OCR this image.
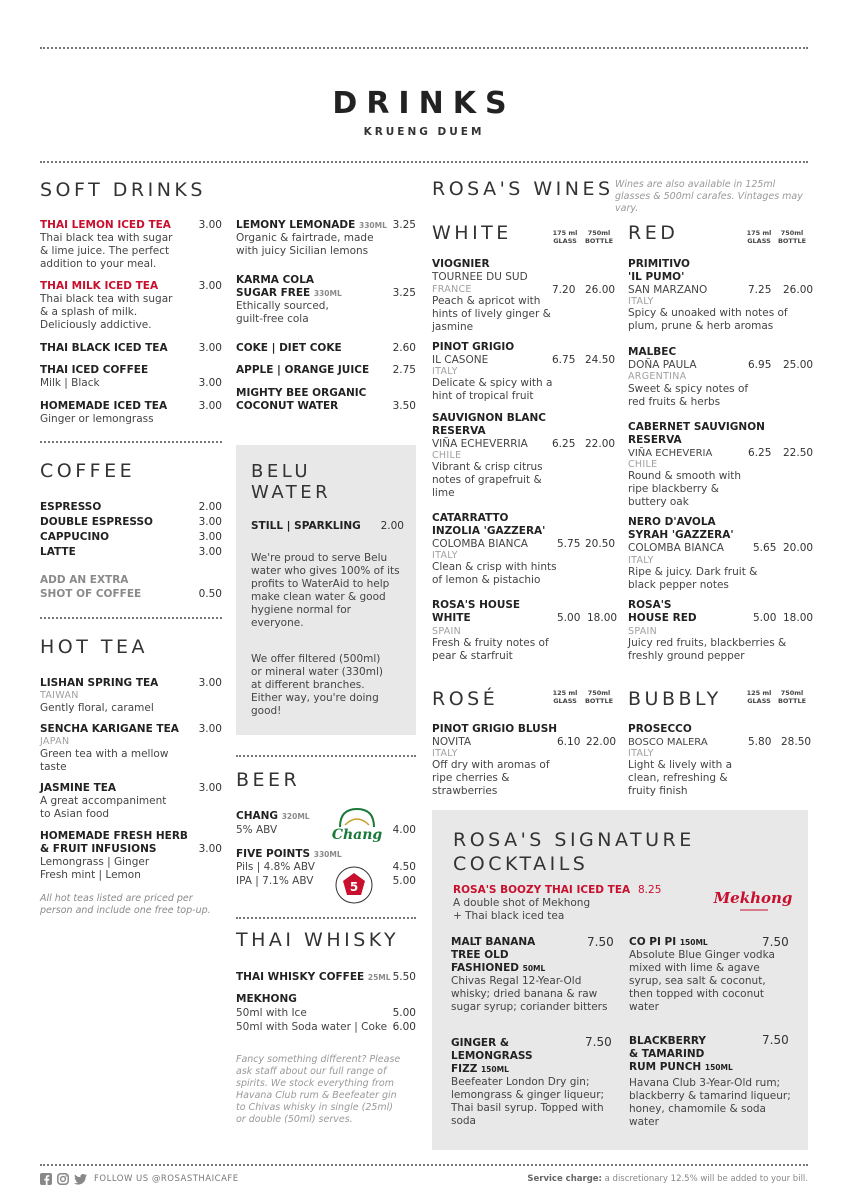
DRINKS
KRUENG DUEM
SOFT DRINKS
THAI LEMON ICED TEA	3.00
Thai black tea with sugar & lime juice. The perfect addition to your meal.
THAI MILK ICED TEA	3.00
Thai black tea with sugar & a splash of milk. Deliciously addictive.
THAI BLACK ICED TEA	3.00
THAI ICED COFFEE
Milk | Black	3.00
HOMEMADE ICED TEA	3.00
Ginger or lemongrass
LEMONY LEMONADE 330ML 3.25
Organic & fairtrade, made with juicy Sicilian lemons
KARMA COLA
SUGAR FREE 330ML	3.25
Ethically sourced, guilt-free cola
COKE | DIET COKE	2.60
APPLE | ORANGE JUICE	2.75
MIGHTY BEE ORGANIC
COCONUT WATER	3.50
COFFEE
ESPRESSO	2.00
DOUBLE ESPRESSO	3.00
CAPPUCINO	3.00
LATTE	3.00
ADD AN EXTRA
SHOT OF COFFEE	0.50
HOT TEA
LISHAN SPRING TEA	3.00
TAIWAN
Gently floral, caramel
SENCHA KARIGANE TEA	3.00
JAPAN
Green tea with a mellow taste
JASMINE TEA	3.00
A great accompaniment to Asian food
HOMEMADE FRESH HERB
& FRUIT INFUSIONS	3.00
Lemongrass | Ginger
Fresh mint | Lemon
All hot teas listed are priced per person and include one free top-up.
BELU
WATER
STILL | SPARKLING	2.00
We're proud to serve Belu water who gives 100% of its profits to WaterAid to help make clean water & good hygiene normal for everyone.
We offer filtered (500ml) or mineral water (330ml) at different branches. Either way, you're doing good!
BEER
CHANG 320ML
5% ABV	4.00
Chang
FIVE POINTS 330ML
Pils | 4.8% ABV	4.50
IPA | 7.1% ABV	5.00
5
THAI WHISKY
THAI WHISKY COFFEE 25ML 5.50
MEKHONG
50ml with Ice	5.00
50ml with Soda water | Coke 6.00
Fancy something different? Please ask staff about our full range of spirits. We stock everything from Havana Club rum & Beefeater gin to Chivas whisky in single (25ml) or double (50ml) serves.
ROSA'S WINES Wines are also available in 125ml glasses & 500ml carafes. Vintages may vary.
WHITE	175 ml
GLASS
750ml
BOTTLE
VIOGNIER
TOURNEE DU SUD
FRANCE	7.20 26.00
Peach & apricot with hints of lively ginger & jasmine
PINOT GRIGIO
IL CASONE	6.75 24.50
ITALY
Delicate & spicy with a hint of tropical fruit
SAUVIGNON BLANC
RESERVA
VIÑA ECHEVERRIA 6.25 22.00
CHILE
Vibrant & crisp citrus notes of grapefruit & lime
CATARRATTO
INZOLIA 'GAZZERA'
COLOMBA BIANCA	5.75 20.50
ITALY
Clean & crisp with hints of lemon & pistachio
ROSA'S HOUSE
WHITE	5.00 18.00
SPAIN
Fresh & fruity notes of pear & starfruit
RED	175 ml
GLASS
750ml
BOTTLE
PRIMITIVO
'IL PUMO'
SAN MARZANO	7.25 26.00
ITALY
Spicy & unoaked with notes of plum, prune & herb aromas
MALBEC
DOÑA PAULA	6.95 25.00
ARGENTINA
Sweet & spicy notes of red fruits & herbs
CABERNET SAUVIGNON
RESERVA
VIÑA ECHEVERIA	6.25 22.50
CHILE
Round & smooth with ripe blackberry & buttery oak
NERO D'AVOLA
SYRAH 'GAZZERA'
COLOMBA BIANCA	5.65 20.00
ITALY
Ripe & juicy. Dark fruit & black pepper notes
ROSA'S
HOUSE RED	5.00 18.00
SPAIN
Juicy red fruits, blackberries & freshly ground pepper
ROSÉ	125 ml
GLASS
750ml
BOTTLE
PINOT GRIGIO BLUSH
NOVITA	6.10 22.00
ITALY
Off dry with aromas of ripe cherries & strawberries
BUBBLY	125 ml
GLASS
750ml
BOTTLE
PROSECCO
BOSCO MALERA	5.80 28.50
ITALY
Light & lively with a clean, refreshing & fruity finish
ROSA'S SIGNATURE
COCKTAILS
ROSA'S BOOZY THAI ICED TEA 8.25
A double shot of Mekhong
+ Thai black iced tea
Mekhong
MALT BANANA
TREE OLD
FASHIONED 50ML
7.50
Chivas Regal 12-Year-Old whisky; dried banana & raw sugar syrup; coriander bitters
CO PI PI 150ML	7.50
Absolute Blue Ginger vodka mixed with lime & agave syrup, sea salt & coconut, then topped with coconut water
GINGER &
LEMONGRASS
FIZZ 150ML
7.50
Beefeater London Dry gin; lemongrass & ginger liqueur; Thai basil syrup. Topped with soda
BLACKBERRY
& TAMARIND
RUM PUNCH 150ML
7.50
Havana Club 3-Year-Old rum; blackberry & tamarind liqueur; honey, chamomile & soda water
FOLLOW US @ROSASTHAICAFE	Service charge: a discretionary 12.5% will be added to your bill.
